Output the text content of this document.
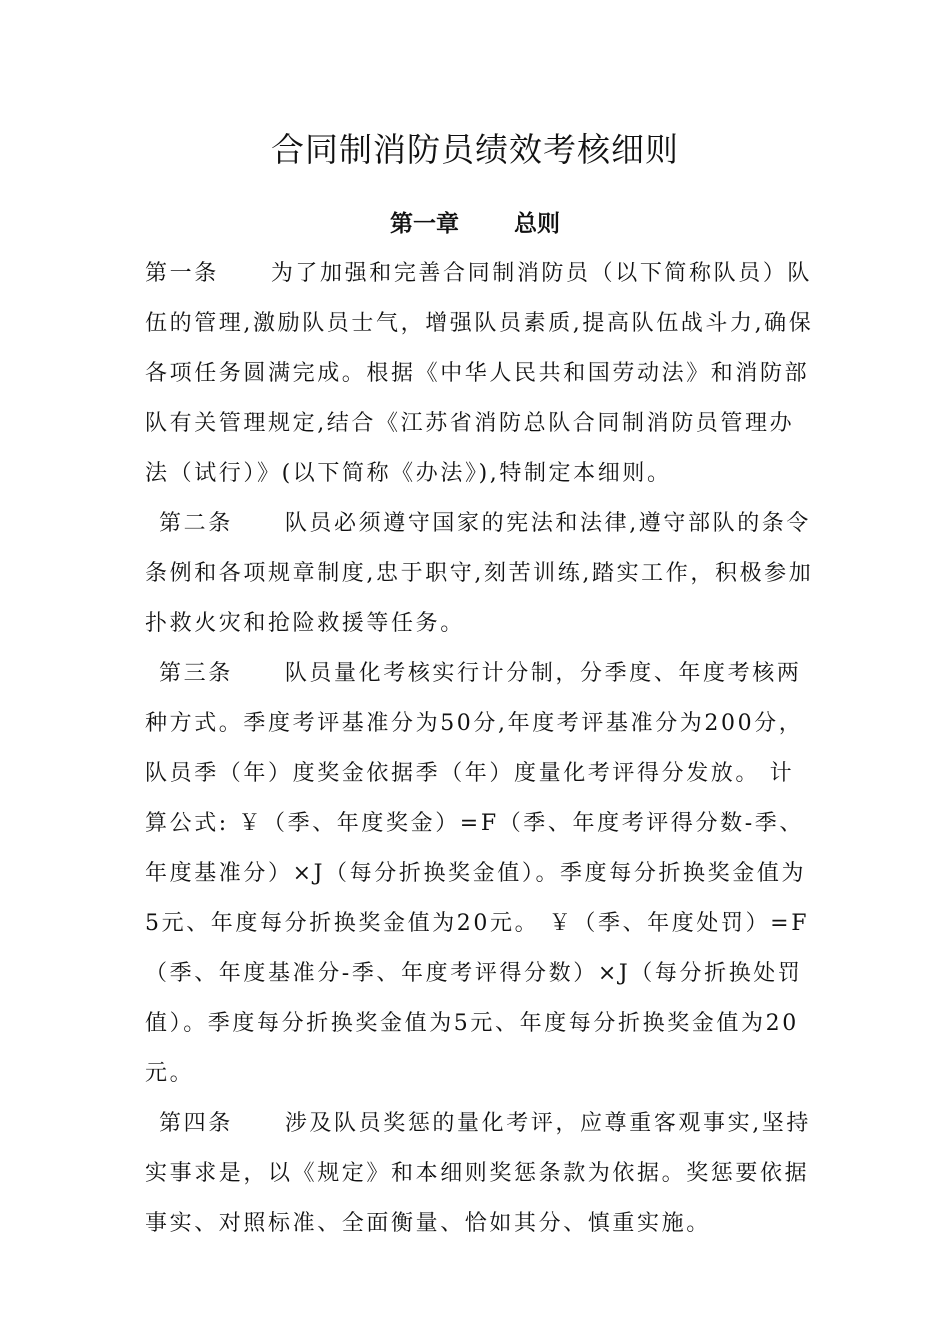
合同制消防员绩效考核细则
第一章 总则

第一条 为了加强和完善合同制消防员（以下简称队员）队伍的管理,激励队员士气，增强队员素质,提高队伍战斗力,确保各项任务圆满完成。根据《中华人民共和国劳动法》和消防部队有关管理规定,结合《江苏省消防总队合同制消防员管理办法（试行）》(以下简称《办法》),特制定本细则。

第二条 队员必须遵守国家的宪法和法律,遵守部队的条令条例和各项规章制度,忠于职守,刻苦训练,踏实工作，积极参加扑救火灾和抢险救援等任务。

第三条 队员量化考核实行计分制，分季度、年度考核两种方式。季度考评基准分为50分,年度考评基准分为200分，队员季（年）度奖金依据季（年）度量化考评得分发放。 计算公式: ￥（季、年度奖金）=F（季、年度考评得分数-季、年度基准分）×J（每分折换奖金值）。季度每分折换奖金值为5元、年度每分折换奖金值为20元。 ￥（季、年度处罚）=F（季、年度基准分-季、年度考评得分数）×J（每分折换处罚值）。季度每分折换奖金值为5元、年度每分折换奖金值为20元。

第四条 涉及队员奖惩的量化考评，应尊重客观事实,坚持实事求是，以《规定》和本细则奖惩条款为依据。奖惩要依据事实、对照标准、全面衡量、恰如其分、慎重实施。
